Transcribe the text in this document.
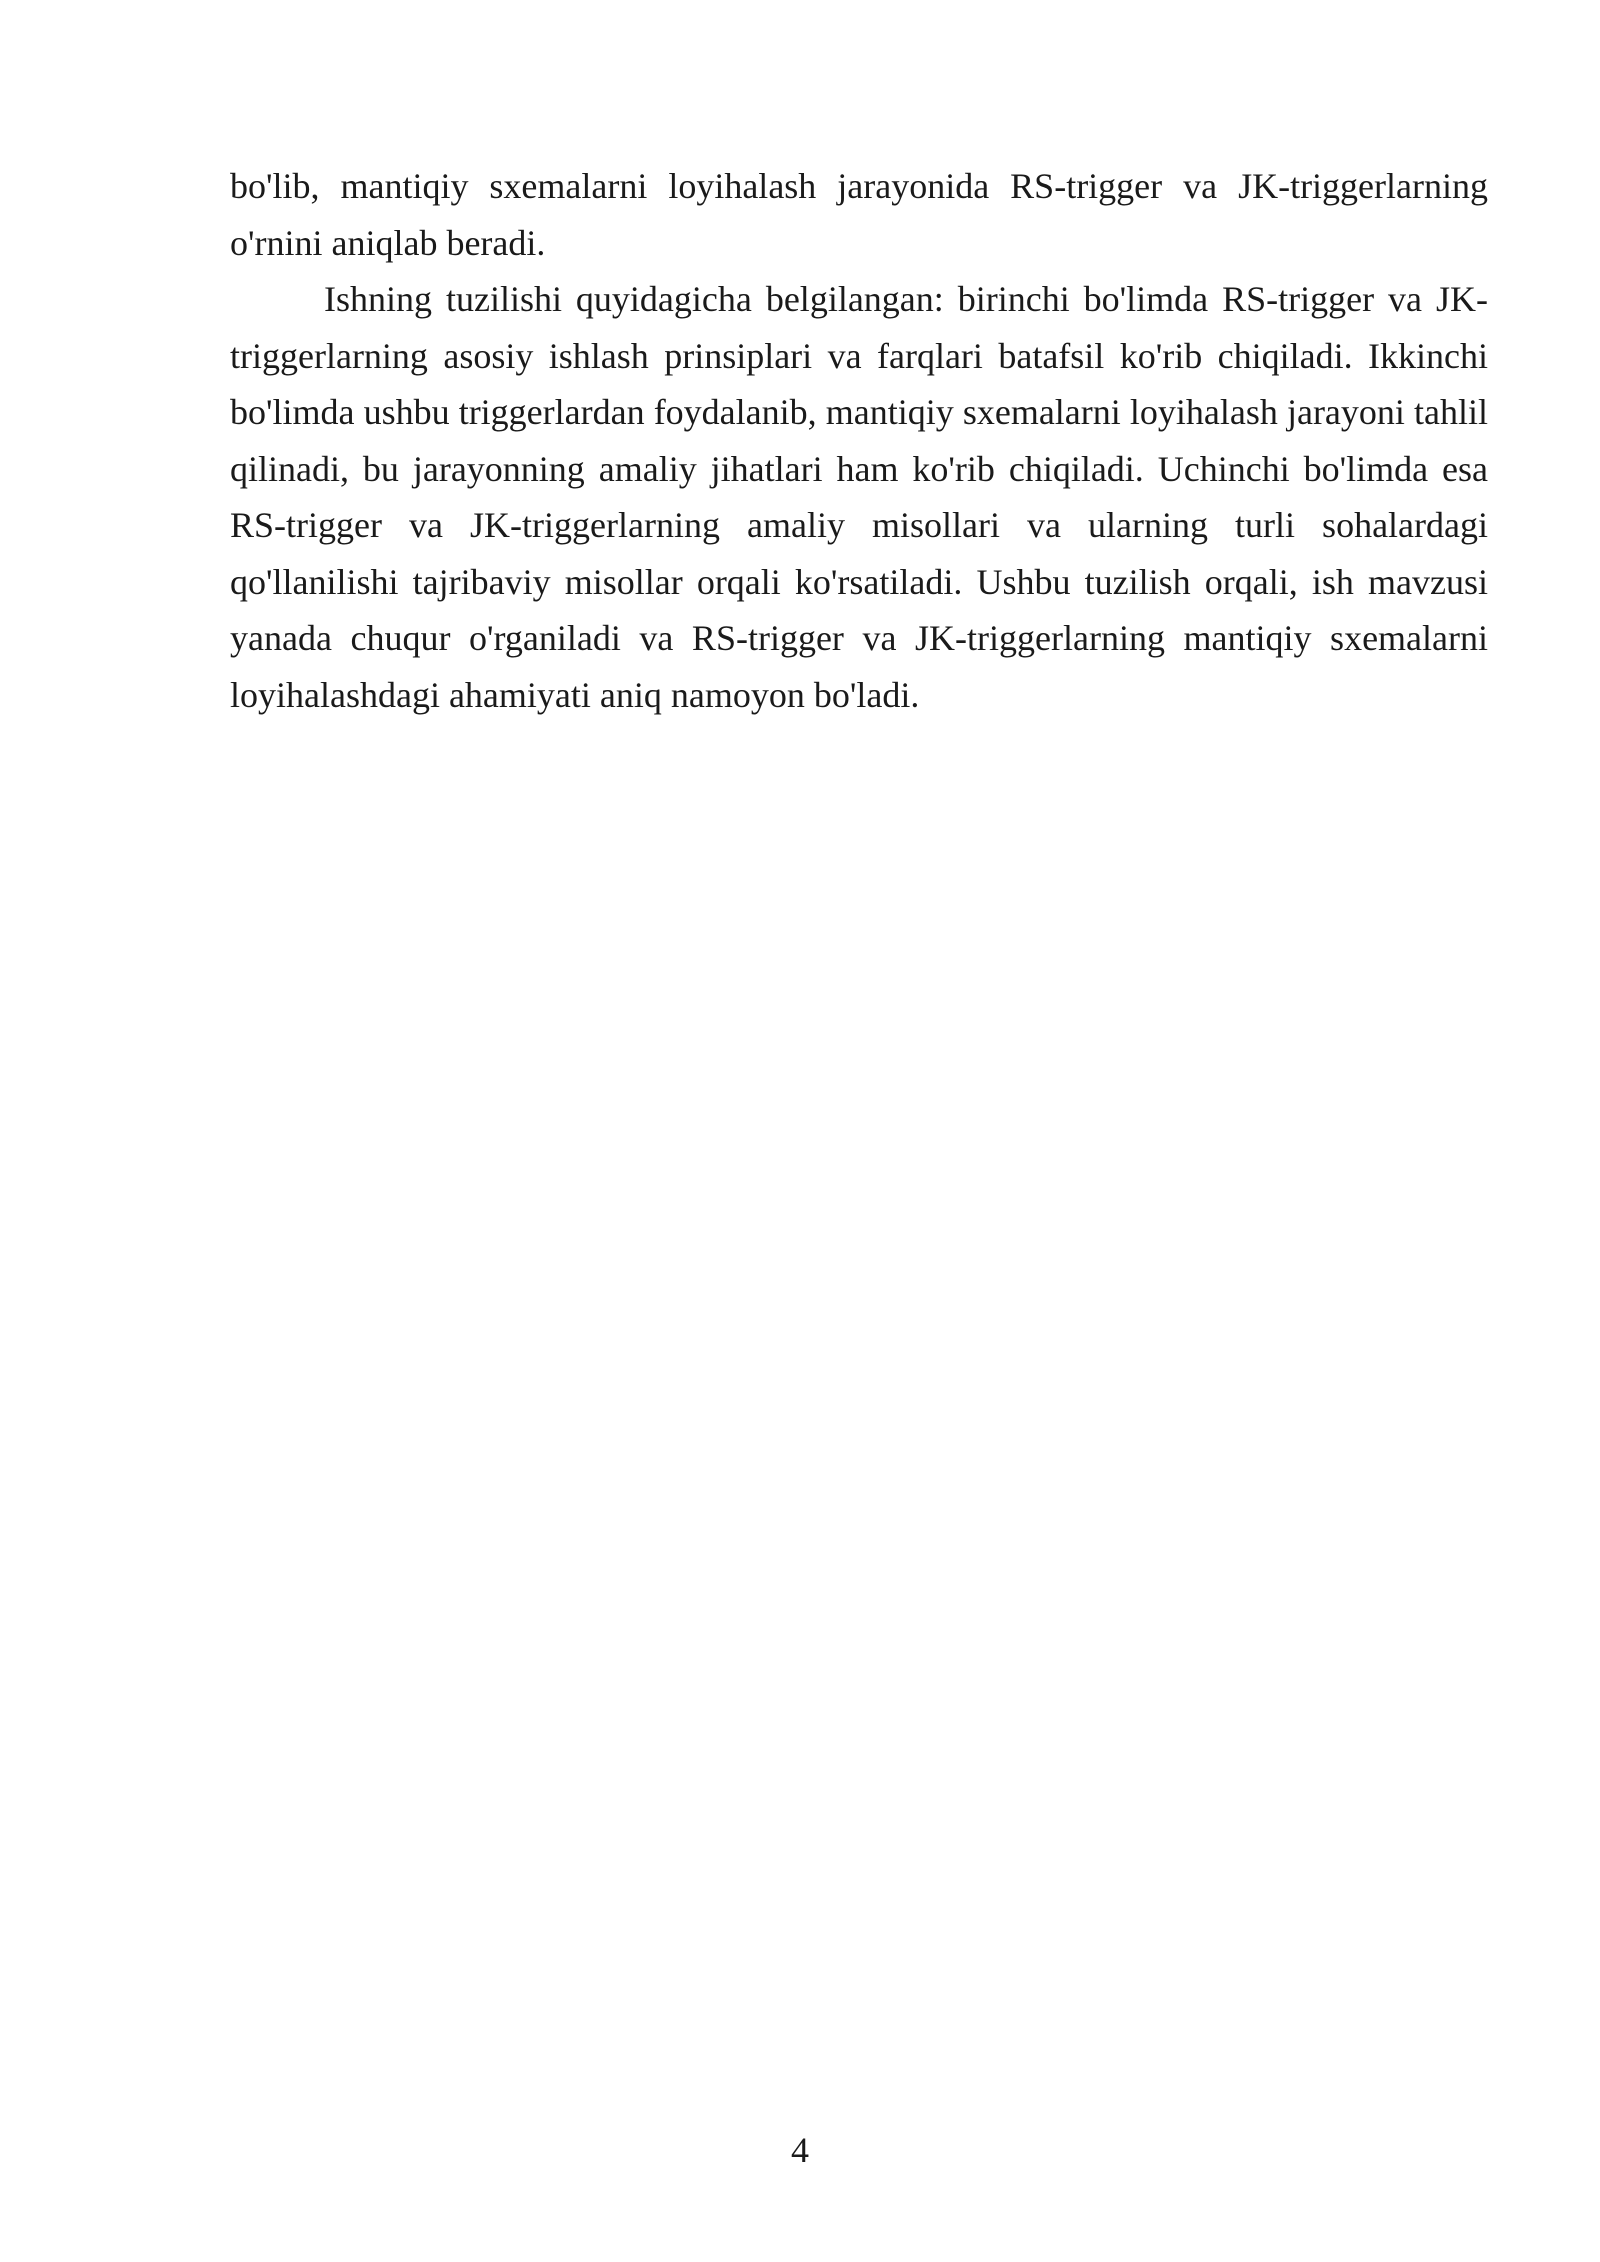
bo'lib, mantiqiy sxemalarni loyihalash jarayonida RS-trigger va JK-triggerlarning o'rnini aniqlab beradi.

Ishning tuzilishi quyidagicha belgilangan: birinchi bo'limda RS-trigger va JK-triggerlarning asosiy ishlash prinsiplari va farqlari batafsil ko'rib chiqiladi. Ikkinchi bo'limda ushbu triggerlardan foydalanib, mantiqiy sxemalarni loyihalash jarayoni tahlil qilinadi, bu jarayonning amaliy jihatlari ham ko'rib chiqiladi. Uchinchi bo'limda esa RS-trigger va JK-triggerlarning amaliy misollari va ularning turli sohalardagi qo'llanilishi tajribaviy misollar orqali ko'rsatiladi. Ushbu tuzilish orqali, ish mavzusi yanada chuqur o'rganiladi va RS-trigger va JK-triggerlarning mantiqiy sxemalarni loyihalashdagi ahamiyati aniq namoyon bo'ladi.

4
